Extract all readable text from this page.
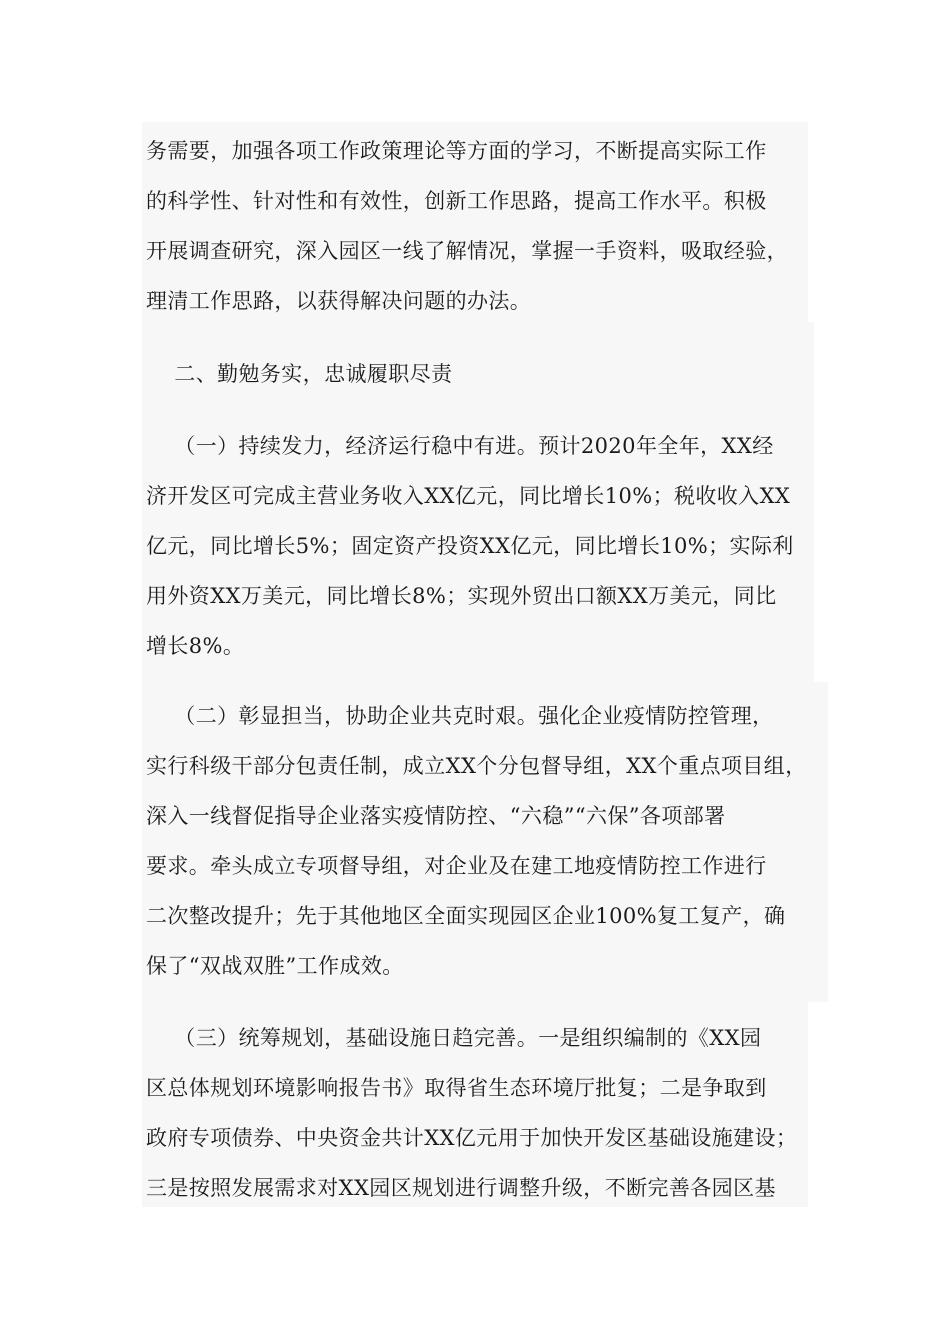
务需要，加强各项工作政策理论等方面的学习，不断提高实际工作
的科学性、针对性和有效性，创新工作思路，提高工作水平。积极
开展调查研究，深入园区一线了解情况，掌握一手资料，吸取经验，
理清工作思路，以获得解决问题的办法。
二、勤勉务实，忠诚履职尽责
（一）持续发力，经济运行稳中有进。预计2020年全年，XX经
济开发区可完成主营业务收入XX亿元，同比增长10%；税收收入XX
亿元，同比增长5%；固定资产投资XX亿元，同比增长10%；实际利
用外资XX万美元，同比增长8%；实现外贸出口额XX万美元，同比
增长8%。
（二）彰显担当，协助企业共克时艰。强化企业疫情防控管理，
实行科级干部分包责任制，成立XX个分包督导组，XX个重点项目组，
深入一线督促指导企业落实疫情防控、“六稳”“六保”各项部署
要求。牵头成立专项督导组，对企业及在建工地疫情防控工作进行
二次整改提升；先于其他地区全面实现园区企业100%复工复产，确
保了“双战双胜”工作成效。
（三）统筹规划，基础设施日趋完善。一是组织编制的《XX园
区总体规划环境影响报告书》取得省生态环境厅批复；二是争取到
政府专项债券、中央资金共计XX亿元用于加快开发区基础设施建设；
三是按照发展需求对XX园区规划进行调整升级，不断完善各园区基
